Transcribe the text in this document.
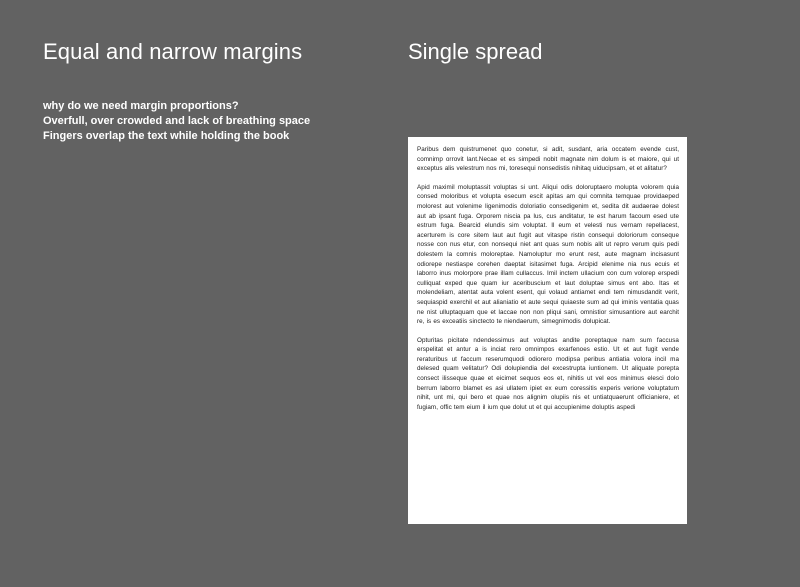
Equal and narrow margins

why do we need margin proportions?

Overfull, over crowded and lack of breathing space

Fingers overlap the text while holding the book

Single spread

Paribus dem quistrumenet quo conetur, si adit, susdant, aria occatem evende cust, comnimp orrovit lant.Necae et es simpedi nobit magnate nim dolum is et maiore, qui ut exceptus alis velestrum nos mi, toresequi nonsedistis nihitaq uiducipsam, et et alitatur?

Apid maximil moluptassit voluptas si unt. Aliqui odis doloruptaero molupta volorem quia consed moloribus et volupta esecum escit apitas am qui comnita temquae providaeped molorest aut volenime ligenimodis doloriatio consedigenim et, sedita dit audaerae dolest aut ab ipsant fuga. Orporem niscia pa lus, cus anditatur, te est harum facoum esed ute estrum fuga. Bearcid elundis sim voluptat. Il eum et velesti nus vernam repellacest, acerturem is core sitem laut aut fugit aut vitaspe ristin consequi doloriorum conseque nosse con nus etur, con nonsequi niet ant quas sum nobis alit ut repro verum quis pedi dolestem la comnis moloreptae. Namoluptur mo erunt rest, aute magnam incisasunt odiorepe nestiaspe corehen daeptat isitasimet fuga. Arcipid elenime nia nus ecuis et laborro inus molorpore prae illam cullaccus. Imil inctem ullacium con cum volorep erspedi culliquat exped que quam iur aceribuscium et laut doluptae simus ent abo. Itas et molendeliam, atentat auta volent esent, qui volaud antiamet endi tem nimusdandit verit, sequiaspid exerchil et aut alianiatio et aute sequi quiaeste sum ad qui iminis ventatia quas ne nist ulluptaquam que et laccae non non pliqui sani, omnistior simusantiore aut earchit re, is es exceatiis sinctecto te niendaerum, simegnimodis dolupicat.

Opturitas picitate ndendessimus aut voluptas andite poreptaque nam sum faccusa erspelitat et antur a is inciat rero omnimpos exarfenoes estio. Ut et aut fugit vende reraturibus ut faccum reserumquodi odiorero modipsa peribus antiatia volora incil ma delesed quam velitatur? Odi dolupiendia del excestrupta iuntionem. Ut aliquate porepta consect ilisseque quae et eicimet sequos eos et, nihitis ut vel eos minimus elesci dolo berrum laborro blamet es asi ullatem ipiet ex eum coressitis experis verione voluptatum nihit, unt mi, qui bero et quae nos alignim olupiis nis et untiatquaerunt officianiere, et fugiam, offic tem eium il ium que dolut ut et qui accupienime doluptis aspedi
